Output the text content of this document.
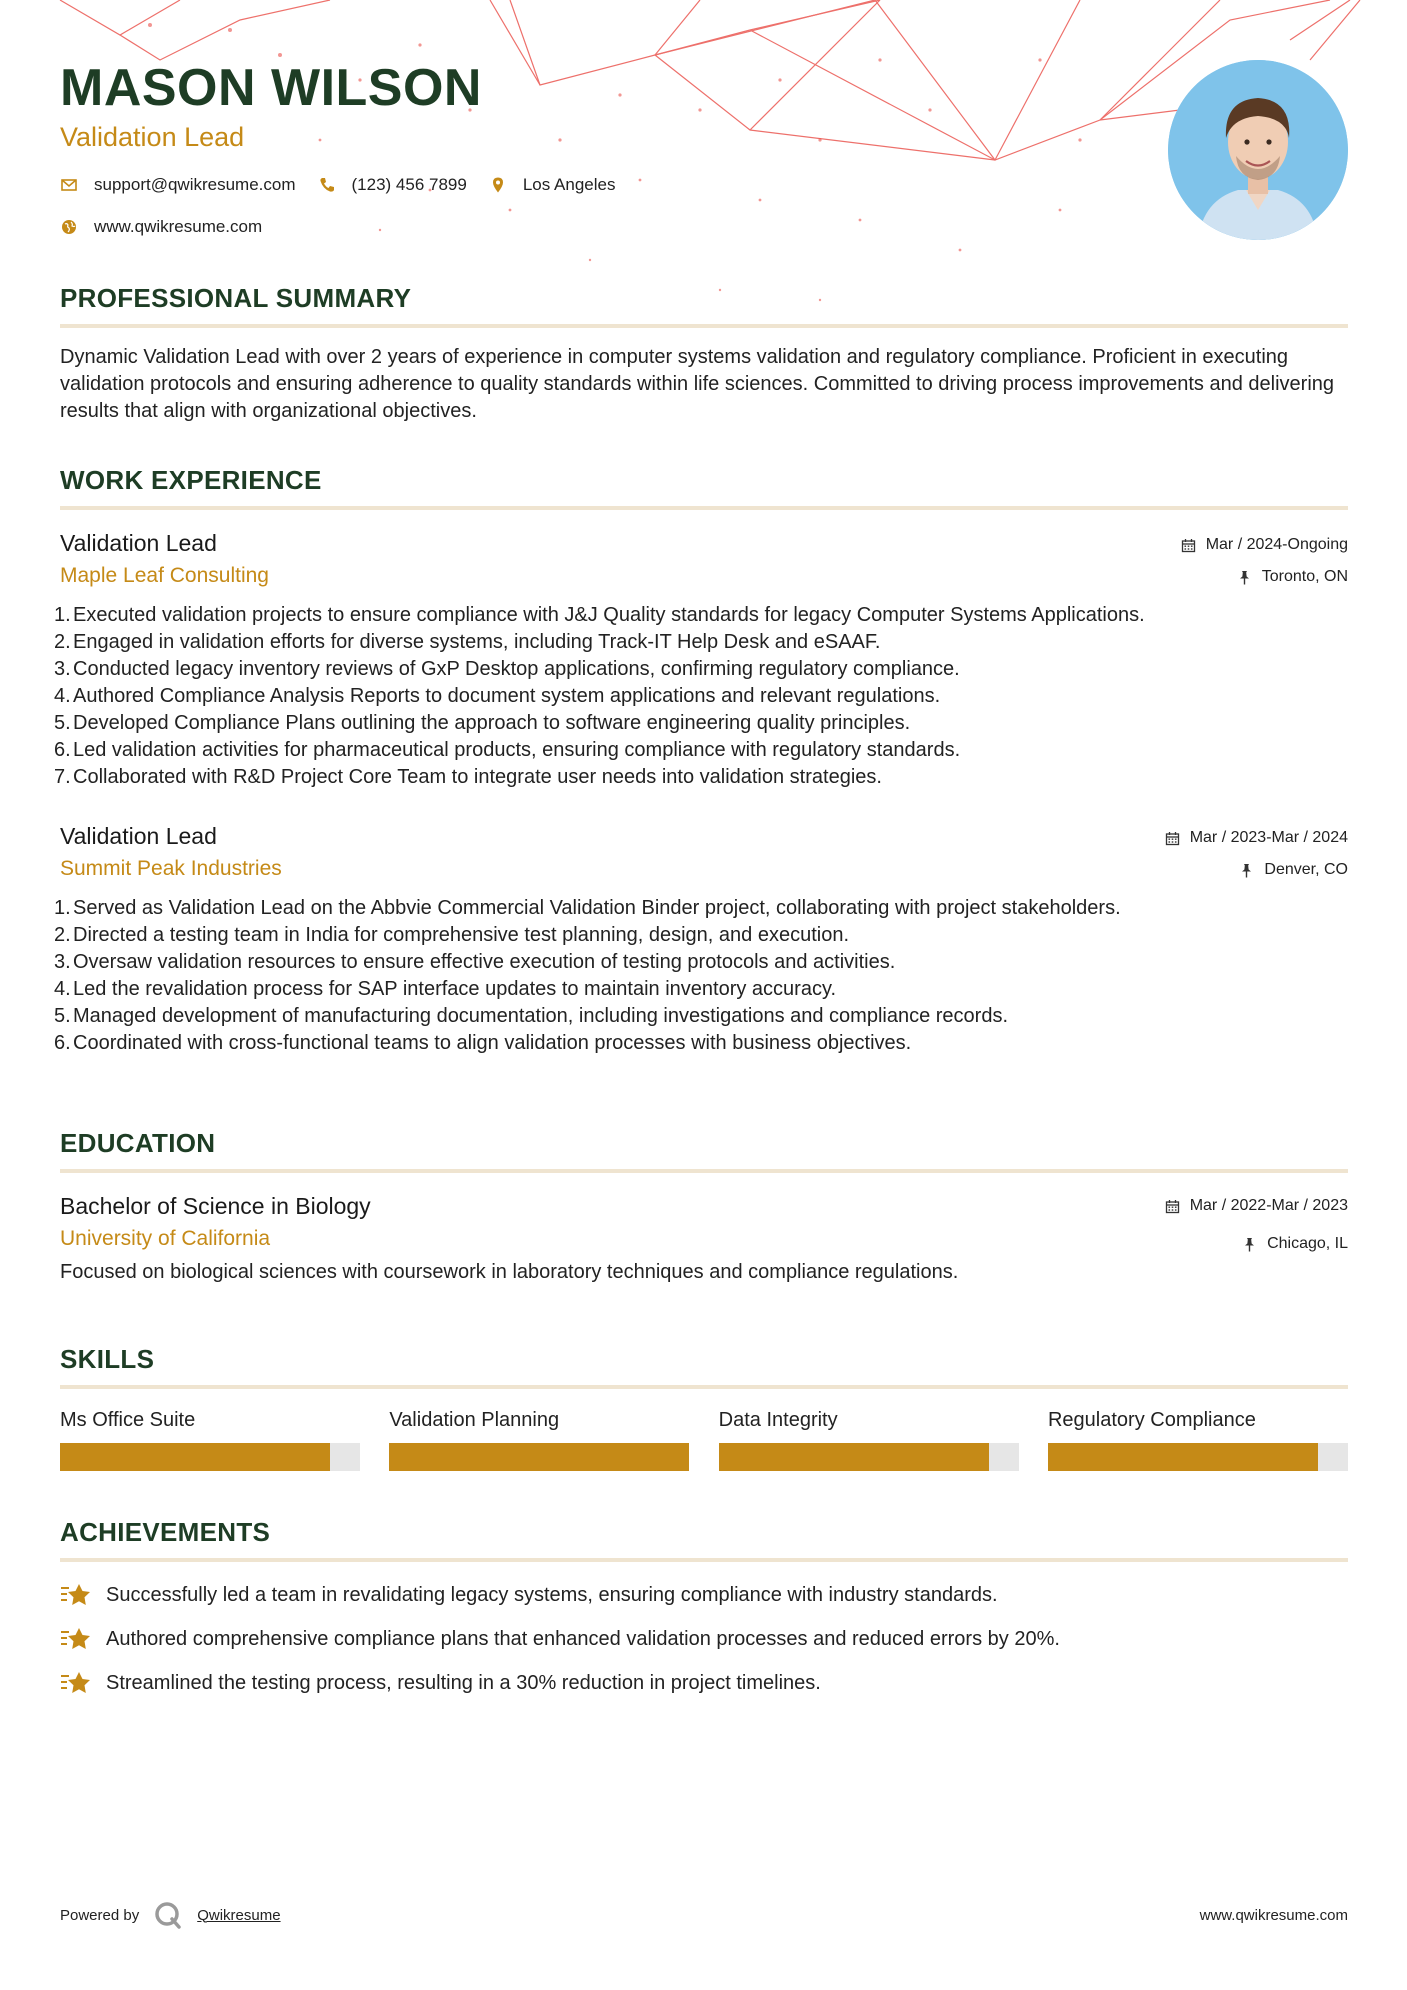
MASON WILSON
Validation Lead
support@qwikresume.com	(123) 456 7899	Los Angeles
www.qwikresume.com
PROFESSIONAL SUMMARY
Dynamic Validation Lead with over 2 years of experience in computer systems validation and regulatory compliance. Proficient in executing validation protocols and ensuring adherence to quality standards within life sciences. Committed to driving process improvements and delivering results that align with organizational objectives.
WORK EXPERIENCE
Validation Lead
Maple Leaf Consulting
Mar / 2024-Ongoing
Toronto, ON
1. Executed validation projects to ensure compliance with J&J Quality standards for legacy Computer Systems Applications.
2. Engaged in validation efforts for diverse systems, including Track-IT Help Desk and eSAAF.
3. Conducted legacy inventory reviews of GxP Desktop applications, confirming regulatory compliance.
4. Authored Compliance Analysis Reports to document system applications and relevant regulations.
5. Developed Compliance Plans outlining the approach to software engineering quality principles.
6. Led validation activities for pharmaceutical products, ensuring compliance with regulatory standards.
7. Collaborated with R&D Project Core Team to integrate user needs into validation strategies.
Validation Lead
Summit Peak Industries
Mar / 2023-Mar / 2024
Denver, CO
1. Served as Validation Lead on the Abbvie Commercial Validation Binder project, collaborating with project stakeholders.
2. Directed a testing team in India for comprehensive test planning, design, and execution.
3. Oversaw validation resources to ensure effective execution of testing protocols and activities.
4. Led the revalidation process for SAP interface updates to maintain inventory accuracy.
5. Managed development of manufacturing documentation, including investigations and compliance records.
6. Coordinated with cross-functional teams to align validation processes with business objectives.
EDUCATION
Bachelor of Science in Biology
University of California
Mar / 2022-Mar / 2023
Chicago, IL
Focused on biological sciences with coursework in laboratory techniques and compliance regulations.
SKILLS
Ms Office Suite	Validation Planning	Data Integrity	Regulatory Compliance
ACHIEVEMENTS
Successfully led a team in revalidating legacy systems, ensuring compliance with industry standards.
Authored comprehensive compliance plans that enhanced validation processes and reduced errors by 20%.
Streamlined the testing process, resulting in a 30% reduction in project timelines.
Powered by	Qwikresume	www.qwikresume.com
